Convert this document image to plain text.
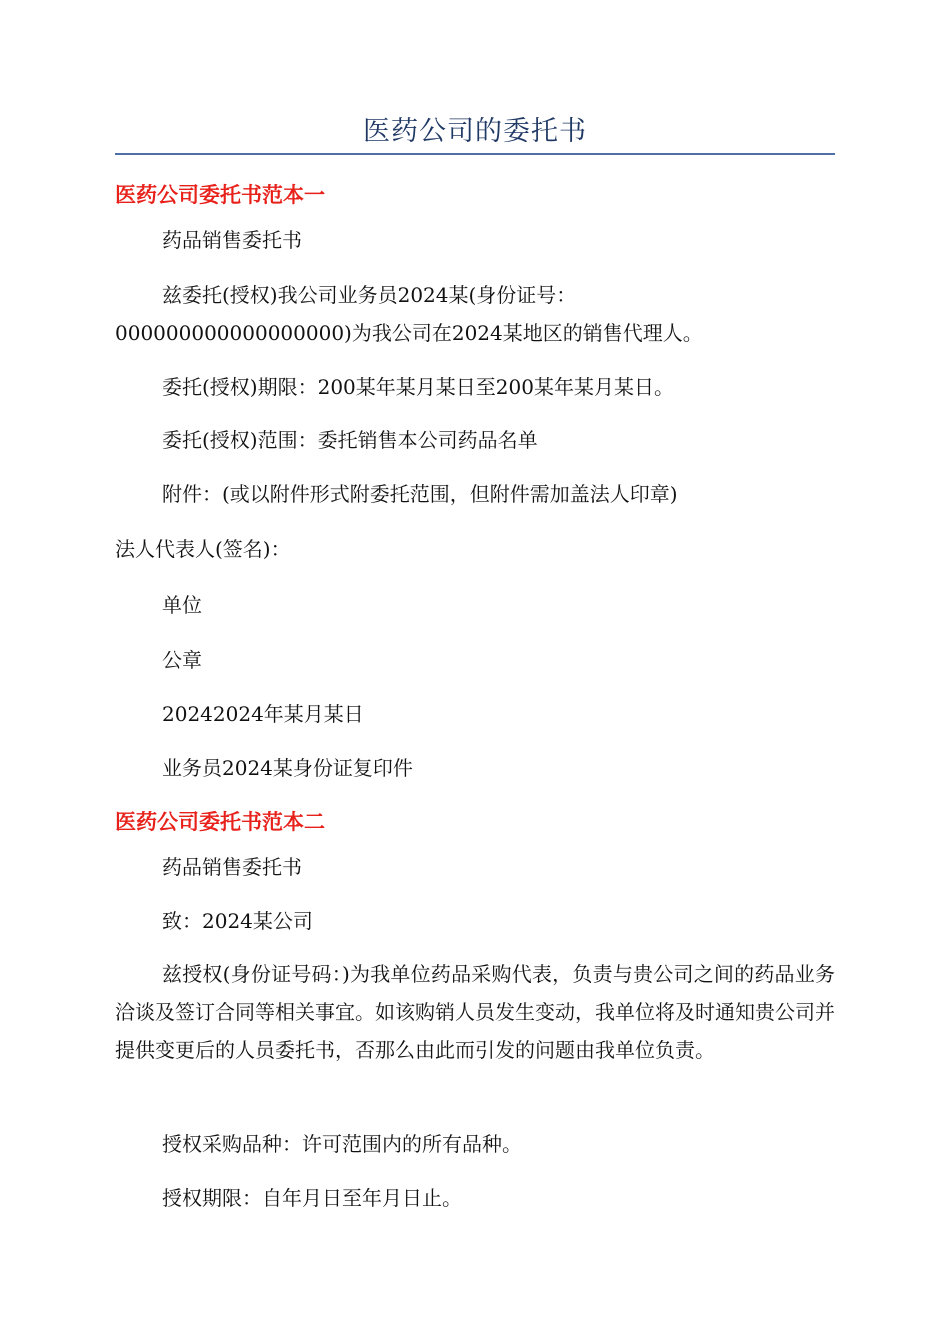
医药公司的委托书
医药公司委托书范本一
药品销售委托书
兹委托(授权)我公司业务员2024某(身份证号：
000000000000000000)为我公司在2024某地区的销售代理人。
委托(授权)期限：200某年某月某日至200某年某月某日。
委托(授权)范围：委托销售本公司药品名单
附件：(或以附件形式附委托范围，但附件需加盖法人印章)
法人代表人(签名)：
单位
公章
20242024年某月某日
业务员2024某身份证复印件
医药公司委托书范本二
药品销售委托书
致：2024某公司
兹授权(身份证号码：)为我单位药品采购代表，负责与贵公司之间的药品业务洽谈及签订合同等相关事宜。如该购销人员发生变动，我单位将及时通知贵公司并提供变更后的人员委托书，否那么由此而引发的问题由我单位负责。
授权采购品种：许可范围内的所有品种。
授权期限：自年月日至年月日止。
